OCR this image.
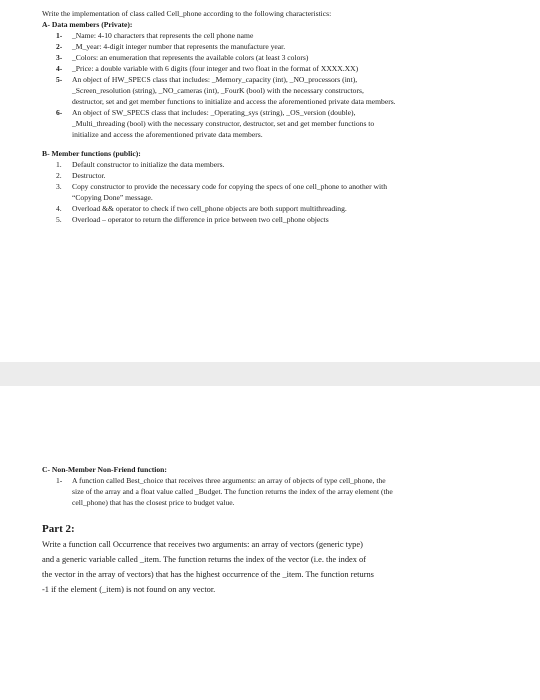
Write the implementation of class called Cell_phone according to the following characteristics:
A- Data members (Private):
1-	_Name: 4-10 characters that represents the cell phone name
2-	_M_year: 4-digit integer number that represents the manufacture year.
3-	_Colors: an enumeration that represents the available colors (at least 3 colors)
4-	_Price: a double variable with 6 digits (four integer and two float in the format of XXXX.XX)
5-	An object of HW_SPECS class that includes: _Memory_capacity (int), _NO_processors (int),
_Screen_resolution (string), _NO_cameras (int), _FourK (bool) with the necessary constructors,
destructor, set and get member functions to initialize and access the aforementioned private data members.
6-	An object of SW_SPECS class that includes: _Operating_sys (string), _OS_version (double),
_Multi_threading (bool) with the necessary constructor, destructor, set and get member functions to
initialize and access the aforementioned private data members.
B- Member functions (public):
1.	Default constructor to initialize the data members.
2.	Destructor.
3.	Copy constructor to provide the necessary code for copying the specs of one cell_phone to another with
“Copying Done” message.
4.	Overload && operator to check if two cell_phone objects are both support multithreading.
5.	Overload – operator to return the difference in price between two cell_phone objects
C- Non-Member Non-Friend function:
1-	A function called Best_choice that receives three arguments: an array of objects of type cell_phone, the
size of the array and a float value called _Budget. The function returns the index of the array element (the
cell_phone) that has the closest price to budget value.
Part 2:
Write a function call Occurrence that receives two arguments: an array of vectors (generic type)
and a generic variable called _item. The function returns the index of the vector (i.e. the index of
the vector in the array of vectors) that has the highest occurrence of the _item. The function returns
-1 if the element (_item) is not found on any vector.
